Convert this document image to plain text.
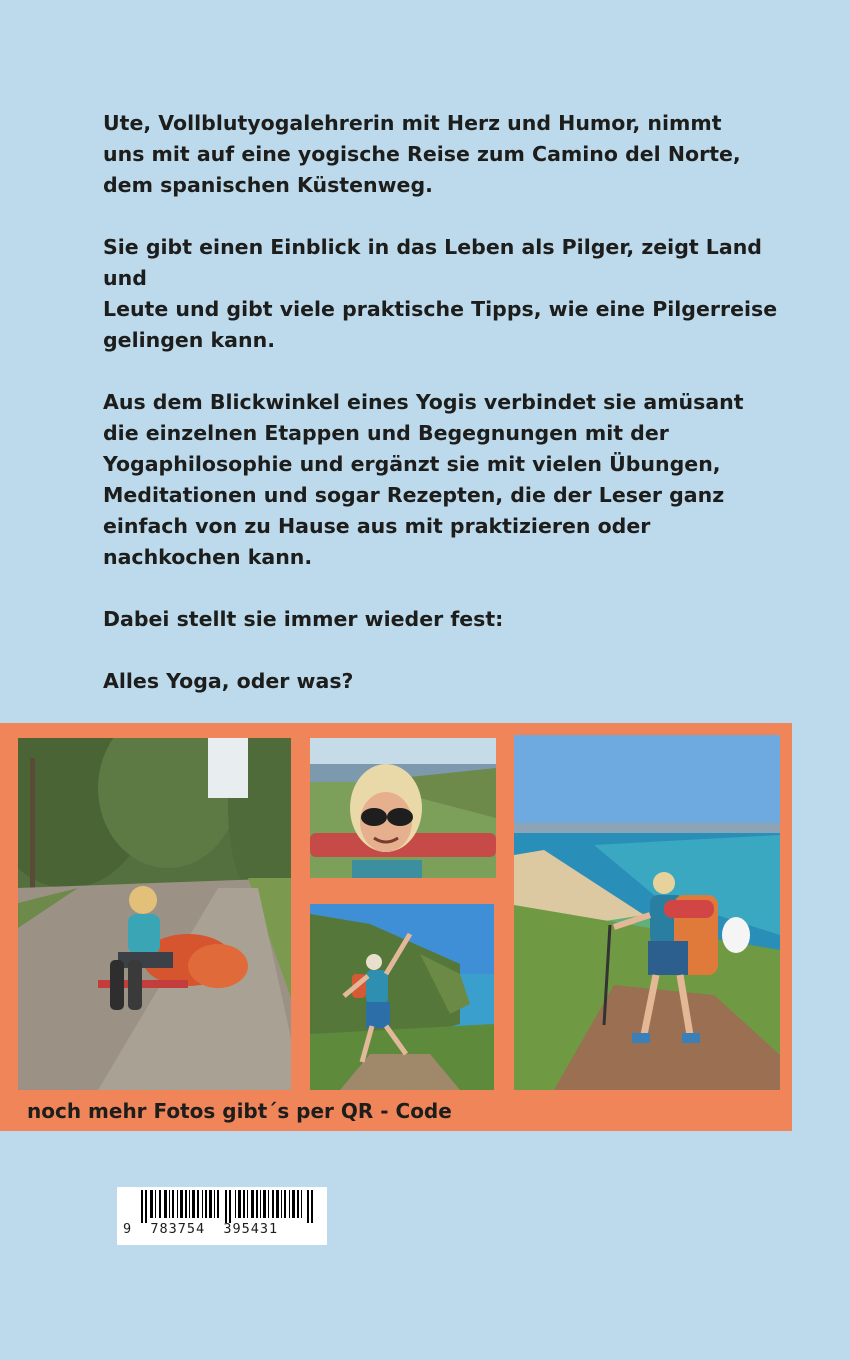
Ute, Vollblutyogalehrerin mit Herz und Humor, nimmt
uns mit auf eine yogische Reise zum Camino del Norte,
dem spanischen Küstenweg.

Sie gibt einen Einblick in das Leben als Pilger, zeigt Land und
Leute und gibt viele praktische Tipps, wie eine Pilgerreise
gelingen kann.

Aus dem Blickwinkel eines Yogis verbindet sie amüsant
die einzelnen Etappen und Begegnungen mit der
Yogaphilosophie und ergänzt sie mit vielen Übungen,
Meditationen und sogar Rezepten, die der Leser ganz
einfach von zu Hause aus mit praktizieren oder
nachkochen kann.

Dabei stellt sie immer wieder fest:

Alles Yoga, oder was?

noch mehr Fotos gibt´s per QR - Code
9  783754  395431
